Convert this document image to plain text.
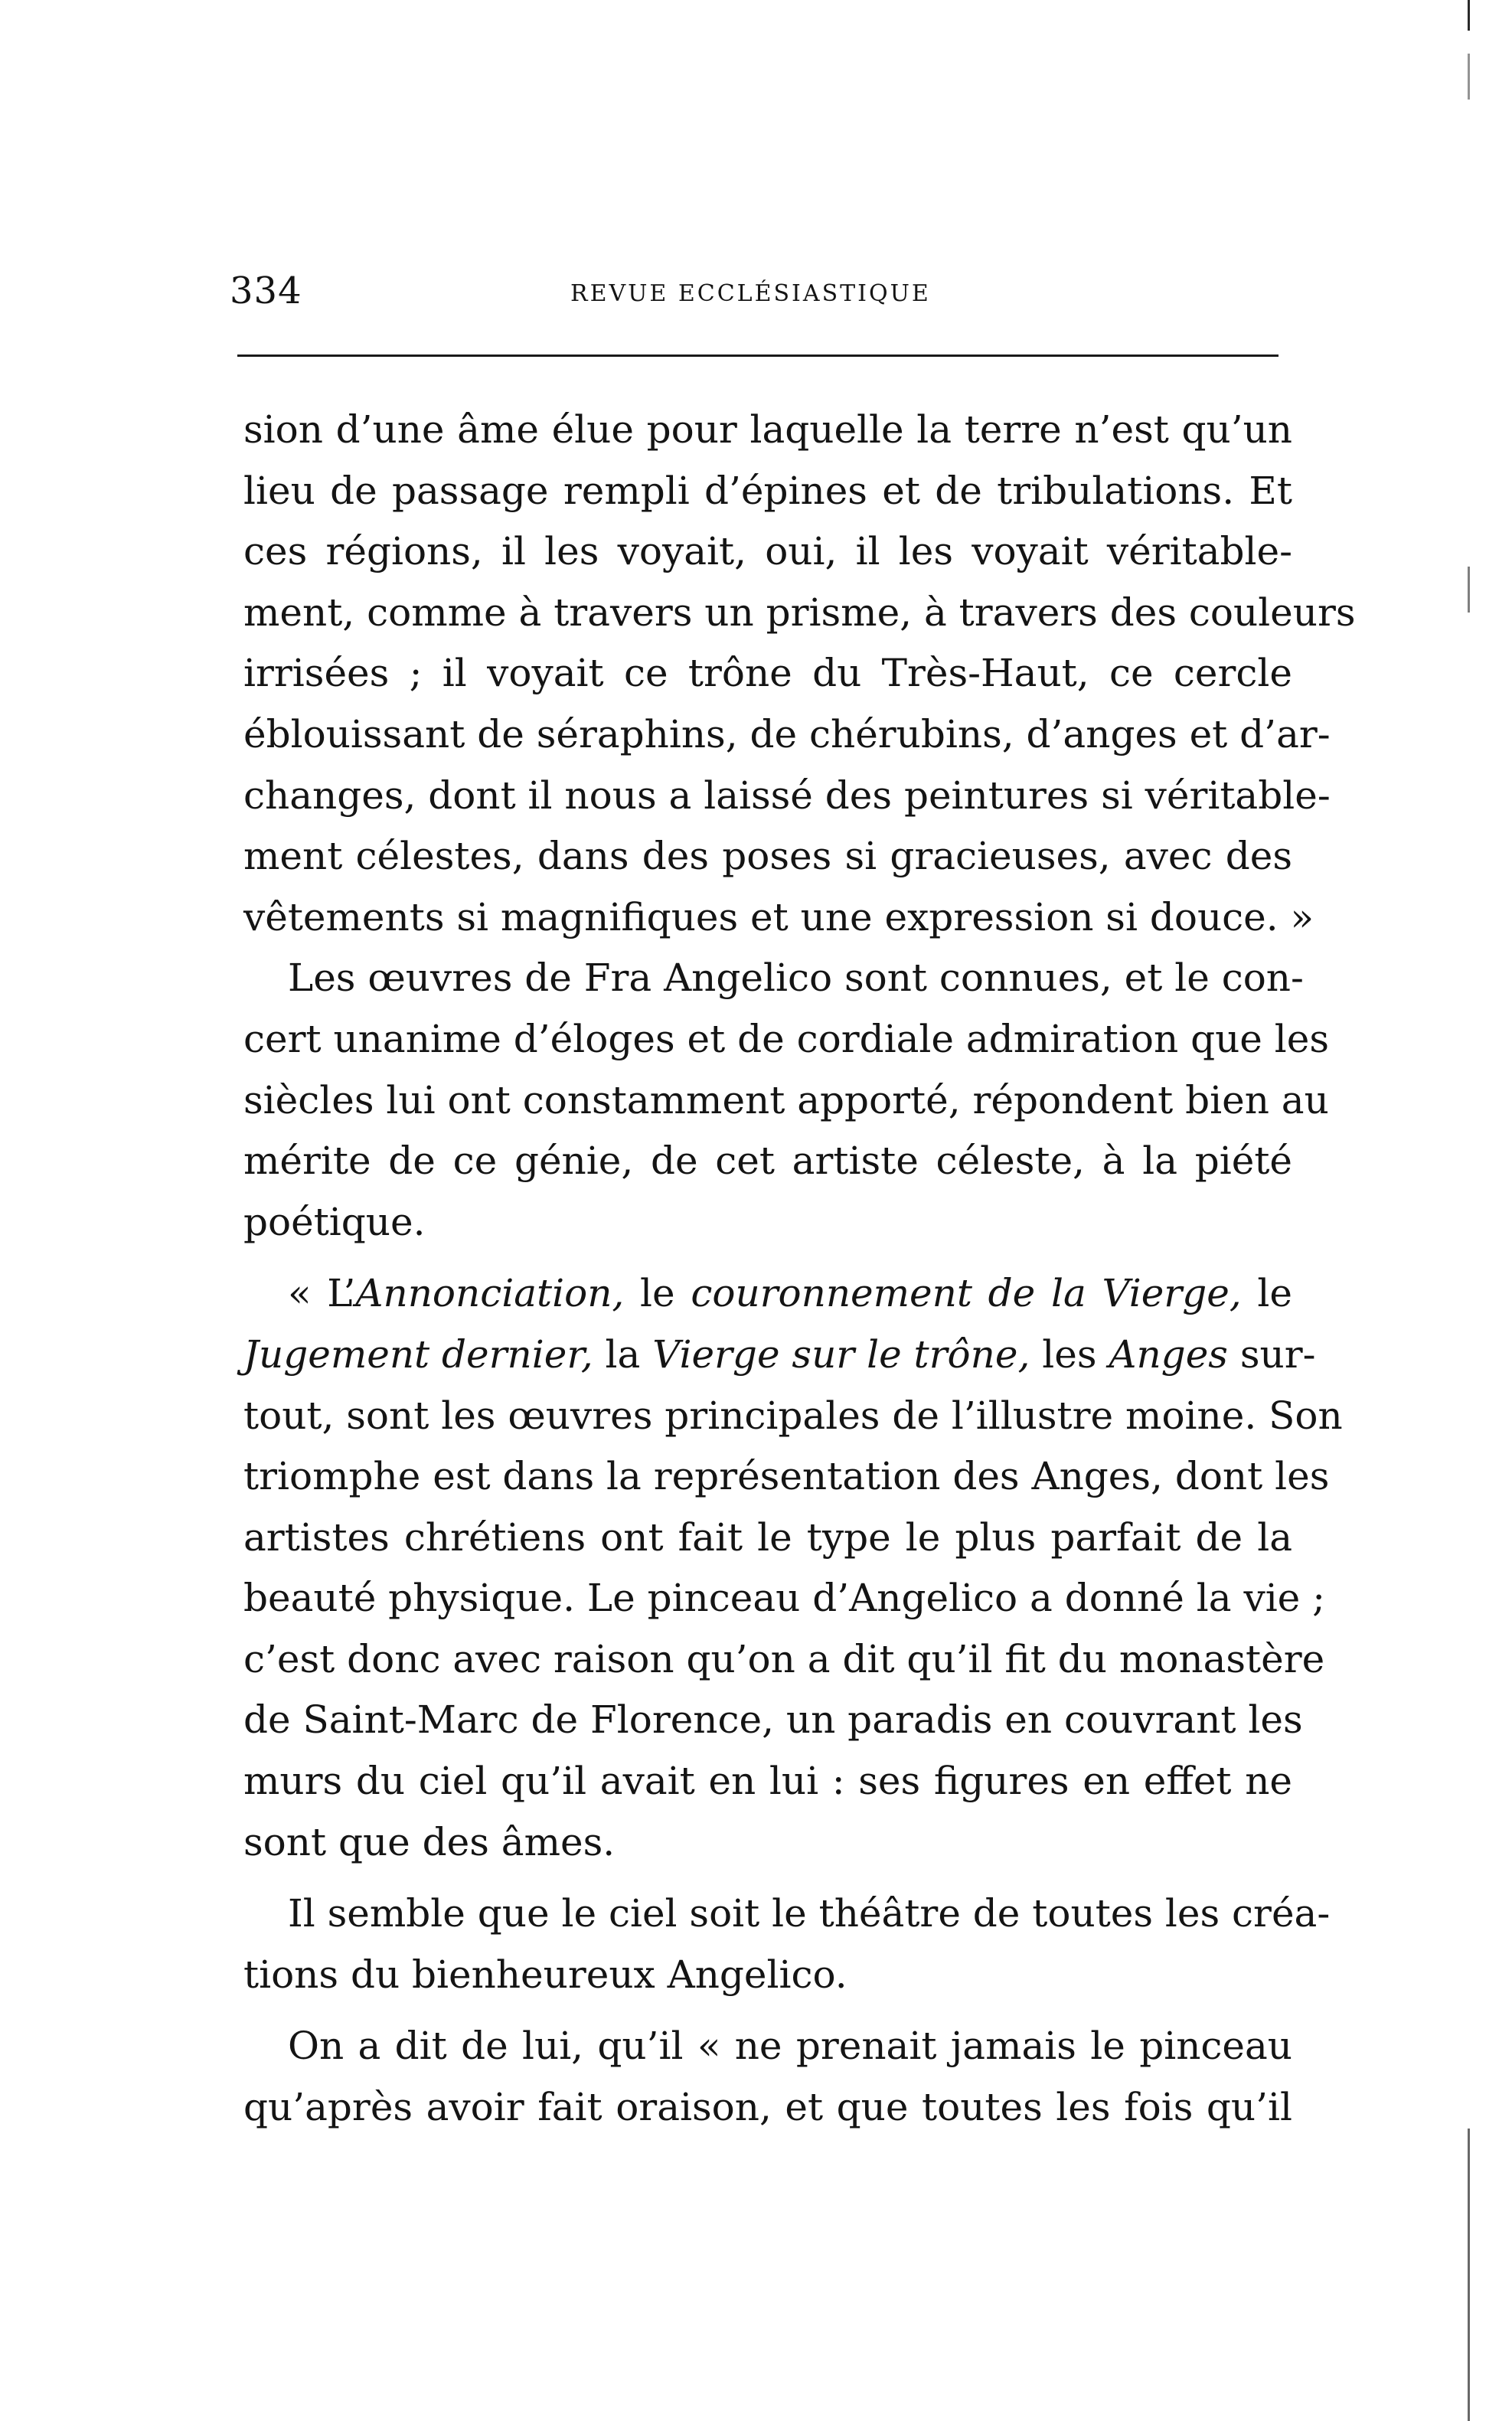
334	REVUE ECCLÉSIASTIQUE
sion d’une âme élue pour laquelle la terre n’est qu’un
lieu de passage rempli d’épines et de tribulations. Et
ces régions, il les voyait, oui, il les voyait véritable-
ment, comme à travers un prisme, à travers des couleurs
irrisées ; il voyait ce trône du Très-Haut, ce cercle
éblouissant de séraphins, de chérubins, d’anges et d’ar-
changes, dont il nous a laissé des peintures si véritable-
ment célestes, dans des poses si gracieuses, avec des
vêtements si magnifiques et une expression si douce. »
Les œuvres de Fra Angelico sont connues, et le con-
cert unanime d’éloges et de cordiale admiration que les
siècles lui ont constamment apporté, répondent bien au
mérite de ce génie, de cet artiste céleste, à la piété
poétique.
« L’Annonciation, le couronnement de la Vierge, le
Jugement dernier, la Vierge sur le trône, les Anges sur-
tout, sont les œuvres principales de l’illustre moine. Son
triomphe est dans la représentation des Anges, dont les
artistes chrétiens ont fait le type le plus parfait de la
beauté physique. Le pinceau d’Angelico a donné la vie ;
c’est donc avec raison qu’on a dit qu’il fit du monastère
de Saint-Marc de Florence, un paradis en couvrant les
murs du ciel qu’il avait en lui : ses figures en effet ne
sont que des âmes.
Il semble que le ciel soit le théâtre de toutes les créa-
tions du bienheureux Angelico.
On a dit de lui, qu’il « ne prenait jamais le pinceau
qu’après avoir fait oraison, et que toutes les fois qu’il
